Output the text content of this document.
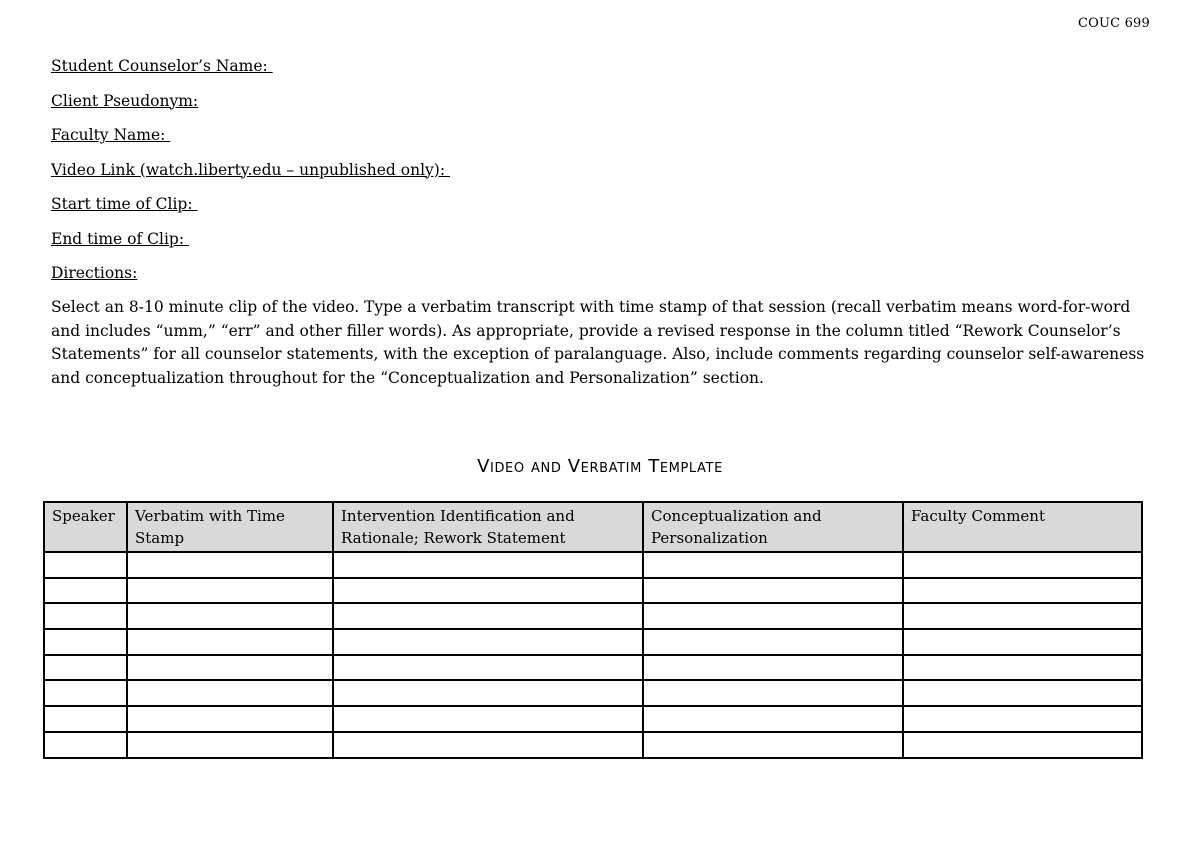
COUC 699
Student Counselor’s Name:
Client Pseudonym:
Faculty Name:
Video Link (watch.liberty.edu – unpublished only):
Start time of Clip:
End time of Clip:
Directions:
Select an 8-10 minute clip of the video. Type a verbatim transcript with time stamp of that session (recall verbatim means word-for-word and includes “umm,” “err” and other filler words). As appropriate, provide a revised response in the column titled “Rework Counselor’s Statements” for all counselor statements, with the exception of paralanguage. Also, include comments regarding counselor self-awareness and conceptualization throughout for the “Conceptualization and Personalization” section.
Video and Verbatim Template
Speaker	Verbatim with Time Stamp	Intervention Identification and Rationale; Rework Statement	Conceptualization and Personalization	Faculty Comment
